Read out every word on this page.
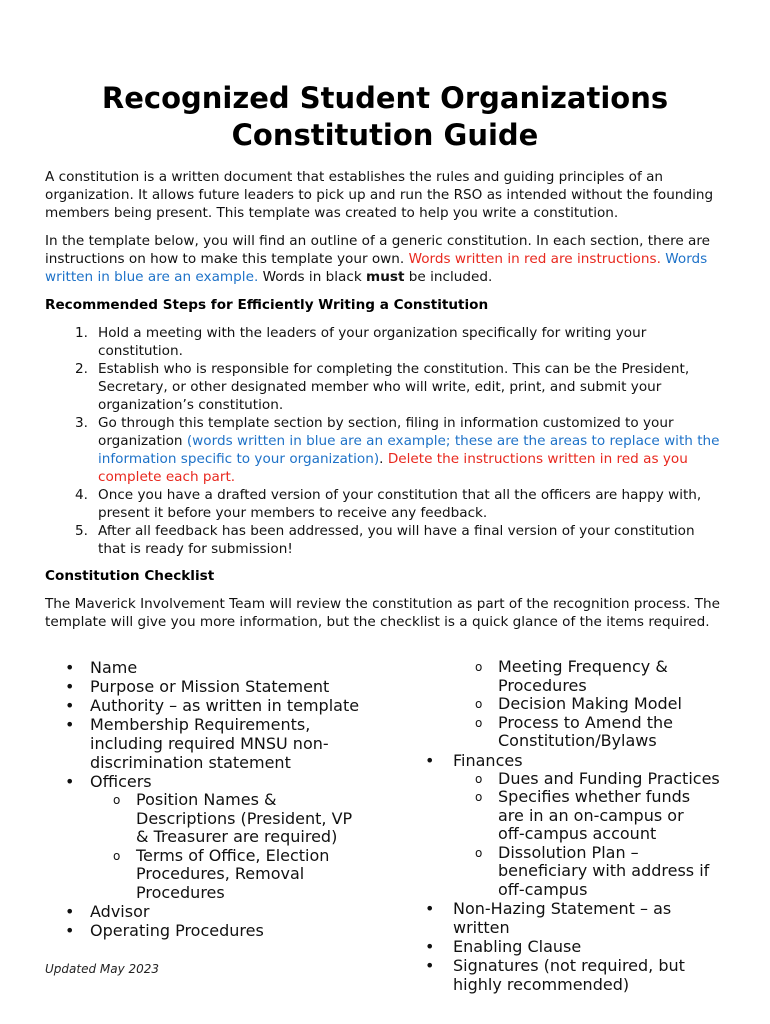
Recognized Student Organizations
Constitution Guide

A constitution is a written document that establishes the rules and guiding principles of an organization. It allows future leaders to pick up and run the RSO as intended without the founding members being present. This template was created to help you write a constitution.

In the template below, you will find an outline of a generic constitution. In each section, there are instructions on how to make this template your own. Words written in red are instructions. Words written in blue are an example. Words in black must be included.

Recommended Steps for Efficiently Writing a Constitution
1. Hold a meeting with the leaders of your organization specifically for writing your constitution.
2. Establish who is responsible for completing the constitution. This can be the President, Secretary, or other designated member who will write, edit, print, and submit your organization’s constitution.
3. Go through this template section by section, filing in information customized to your organization (words written in blue are an example; these are the areas to replace with the information specific to your organization). Delete the instructions written in red as you complete each part.
4. Once you have a drafted version of your constitution that all the officers are happy with, present it before your members to receive any feedback.
5. After all feedback has been addressed, you will have a final version of your constitution that is ready for submission!
Constitution Checklist

The Maverick Involvement Team will review the constitution as part of the recognition process. The template will give you more information, but the checklist is a quick glance of the items required.

• Name
• Purpose or Mission Statement
• Authority – as written in template
• Membership Requirements, including required MNSU non-discrimination statement
• Officers
o Position Names & Descriptions (President, VP & Treasurer are required)
o Terms of Office, Election Procedures, Removal Procedures
• Advisor
• Operating Procedures
o Meeting Frequency & Procedures
o Decision Making Model
o Process to Amend the Constitution/Bylaws
• Finances
o Dues and Funding Practices
o Specifies whether funds are in an on-campus or off-campus account
o Dissolution Plan – beneficiary with address if off-campus
• Non-Hazing Statement – as written
• Enabling Clause
• Signatures (not required, but highly recommended)
Updated May 2023
